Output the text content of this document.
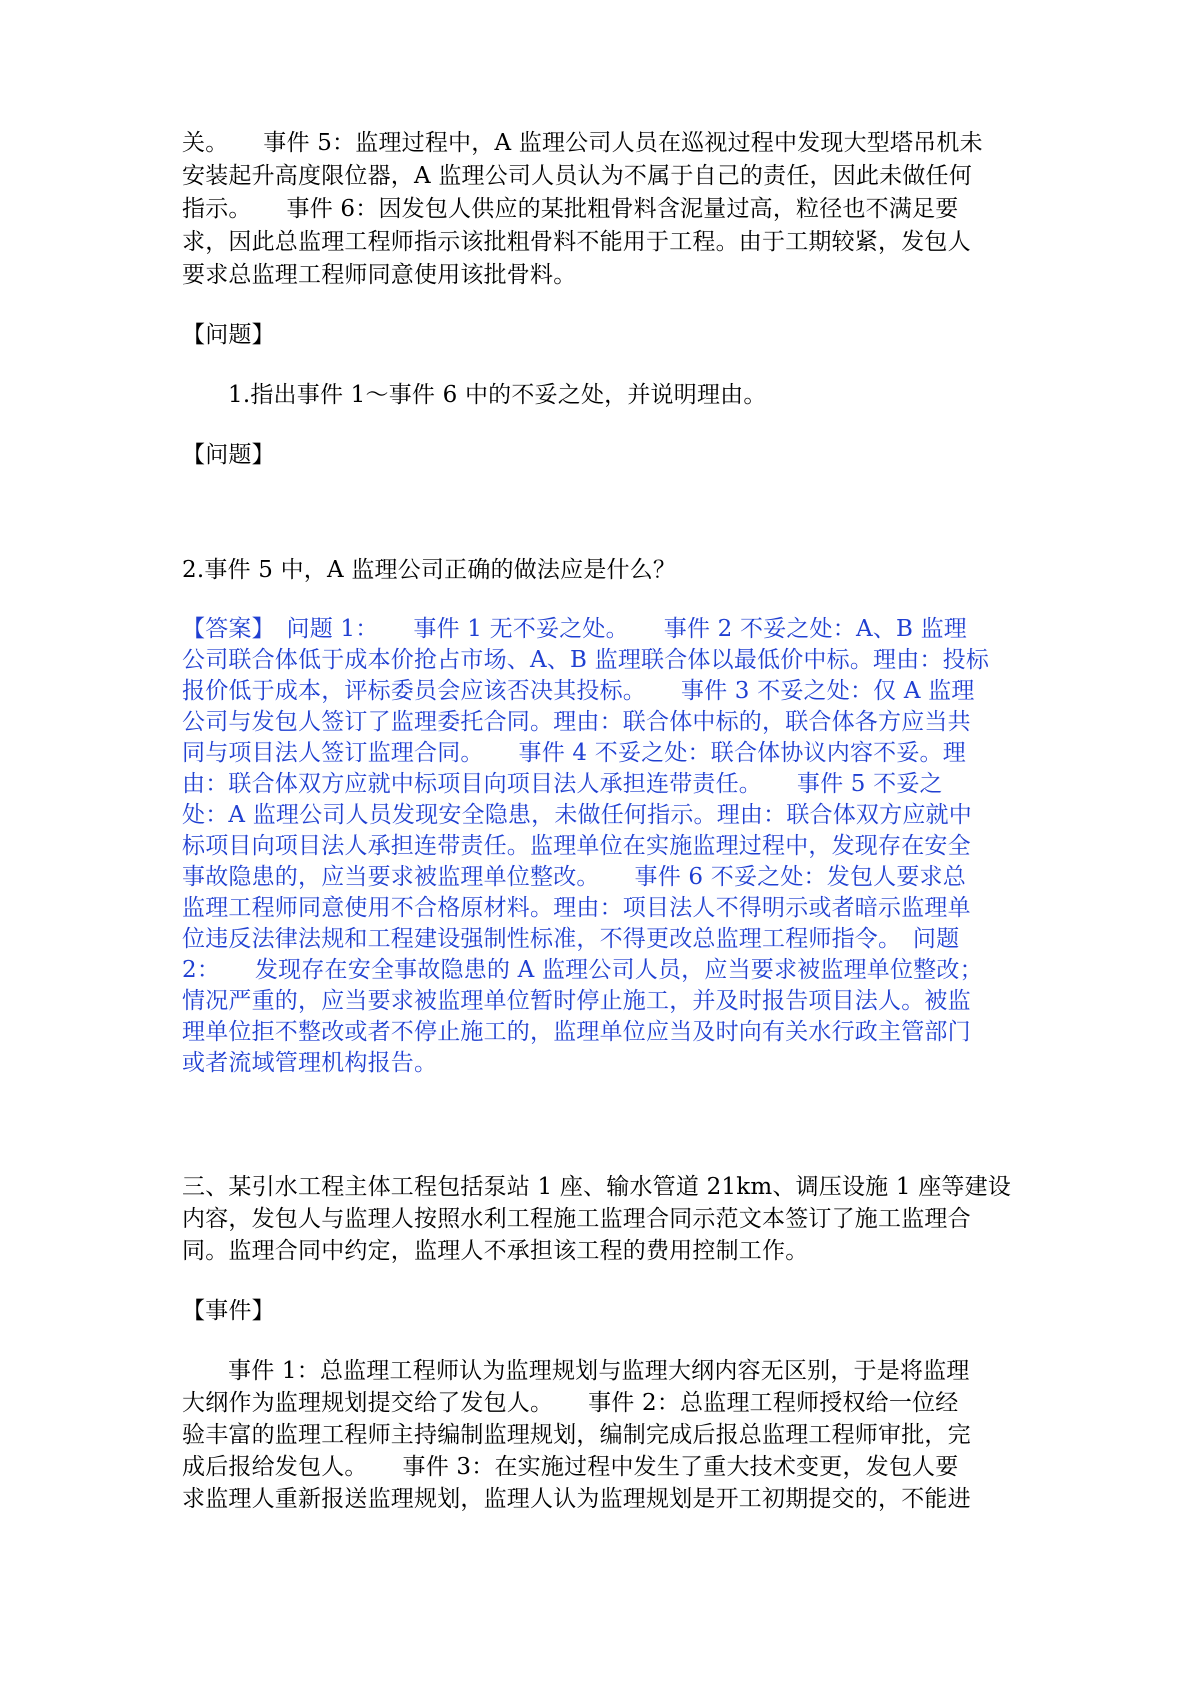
关。　　事件 5：监理过程中，A 监理公司人员在巡视过程中发现大型塔吊机未
安装起升高度限位器，A 监理公司人员认为不属于自己的责任，因此未做任何
指示。　　事件 6：因发包人供应的某批粗骨料含泥量过高，粒径也不满足要
求，因此总监理工程师指示该批粗骨料不能用于工程。由于工期较紧，发包人
要求总监理工程师同意使用该批骨料。
【问题】
1.指出事件 1～事件 6 中的不妥之处，并说明理由。
【问题】
2.事件 5 中，A 监理公司正确的做法应是什么？
【答案】　问题 1：　　事件 1 无不妥之处。　　事件 2 不妥之处：A、B 监理
公司联合体低于成本价抢占市场、A、B 监理联合体以最低价中标。理由：投标
报价低于成本，评标委员会应该否决其投标。　　事件 3 不妥之处：仅 A 监理
公司与发包人签订了监理委托合同。理由：联合体中标的，联合体各方应当共
同与项目法人签订监理合同。　　事件 4 不妥之处：联合体协议内容不妥。理
由：联合体双方应就中标项目向项目法人承担连带责任。　　事件 5 不妥之
处：A 监理公司人员发现安全隐患，未做任何指示。理由：联合体双方应就中
标项目向项目法人承担连带责任。监理单位在实施监理过程中，发现存在安全
事故隐患的，应当要求被监理单位整改。　　事件 6 不妥之处：发包人要求总
监理工程师同意使用不合格原材料。理由：项目法人不得明示或者暗示监理单
位违反法律法规和工程建设强制性标准，不得更改总监理工程师指令。　问题
2：　　发现存在安全事故隐患的 A 监理公司人员，应当要求被监理单位整改；
情况严重的，应当要求被监理单位暂时停止施工，并及时报告项目法人。被监
理单位拒不整改或者不停止施工的，监理单位应当及时向有关水行政主管部门
或者流域管理机构报告。
三、某引水工程主体工程包括泵站 1 座、输水管道 21km、调压设施 1 座等建设
内容，发包人与监理人按照水利工程施工监理合同示范文本签订了施工监理合
同。监理合同中约定，监理人不承担该工程的费用控制工作。
【事件】
事件 1：总监理工程师认为监理规划与监理大纲内容无区别，于是将监理
大纲作为监理规划提交给了发包人。　　事件 2：总监理工程师授权给一位经
验丰富的监理工程师主持编制监理规划，编制完成后报总监理工程师审批，完
成后报给发包人。　　事件 3：在实施过程中发生了重大技术变更，发包人要
求监理人重新报送监理规划，监理人认为监理规划是开工初期提交的，不能进
